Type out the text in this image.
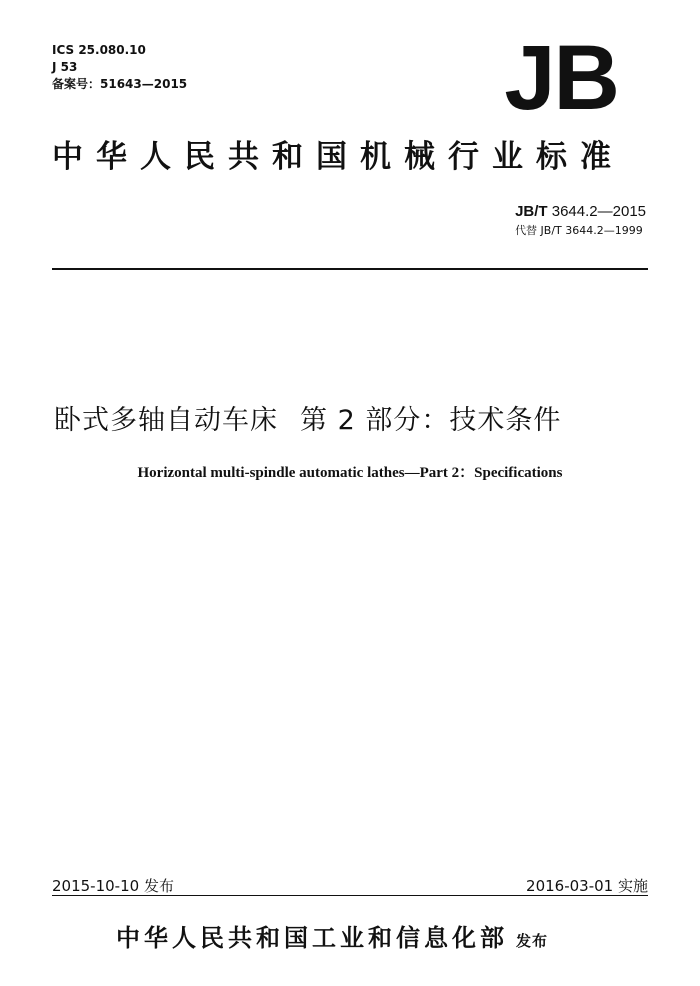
ICS 25.080.10
J 53
备案号：51643—2015	JB
中华人民共和国机械行业标准
JB/T 3644.2—2015
代替 JB/T 3644.2—1999
卧式多轴自动车床 第 2 部分：技术条件
Horizontal multi-spindle automatic lathes—Part 2：Specifications
2015-10-10 发布	2016-03-01 实施
中华人民共和国工业和信息化部 发布
